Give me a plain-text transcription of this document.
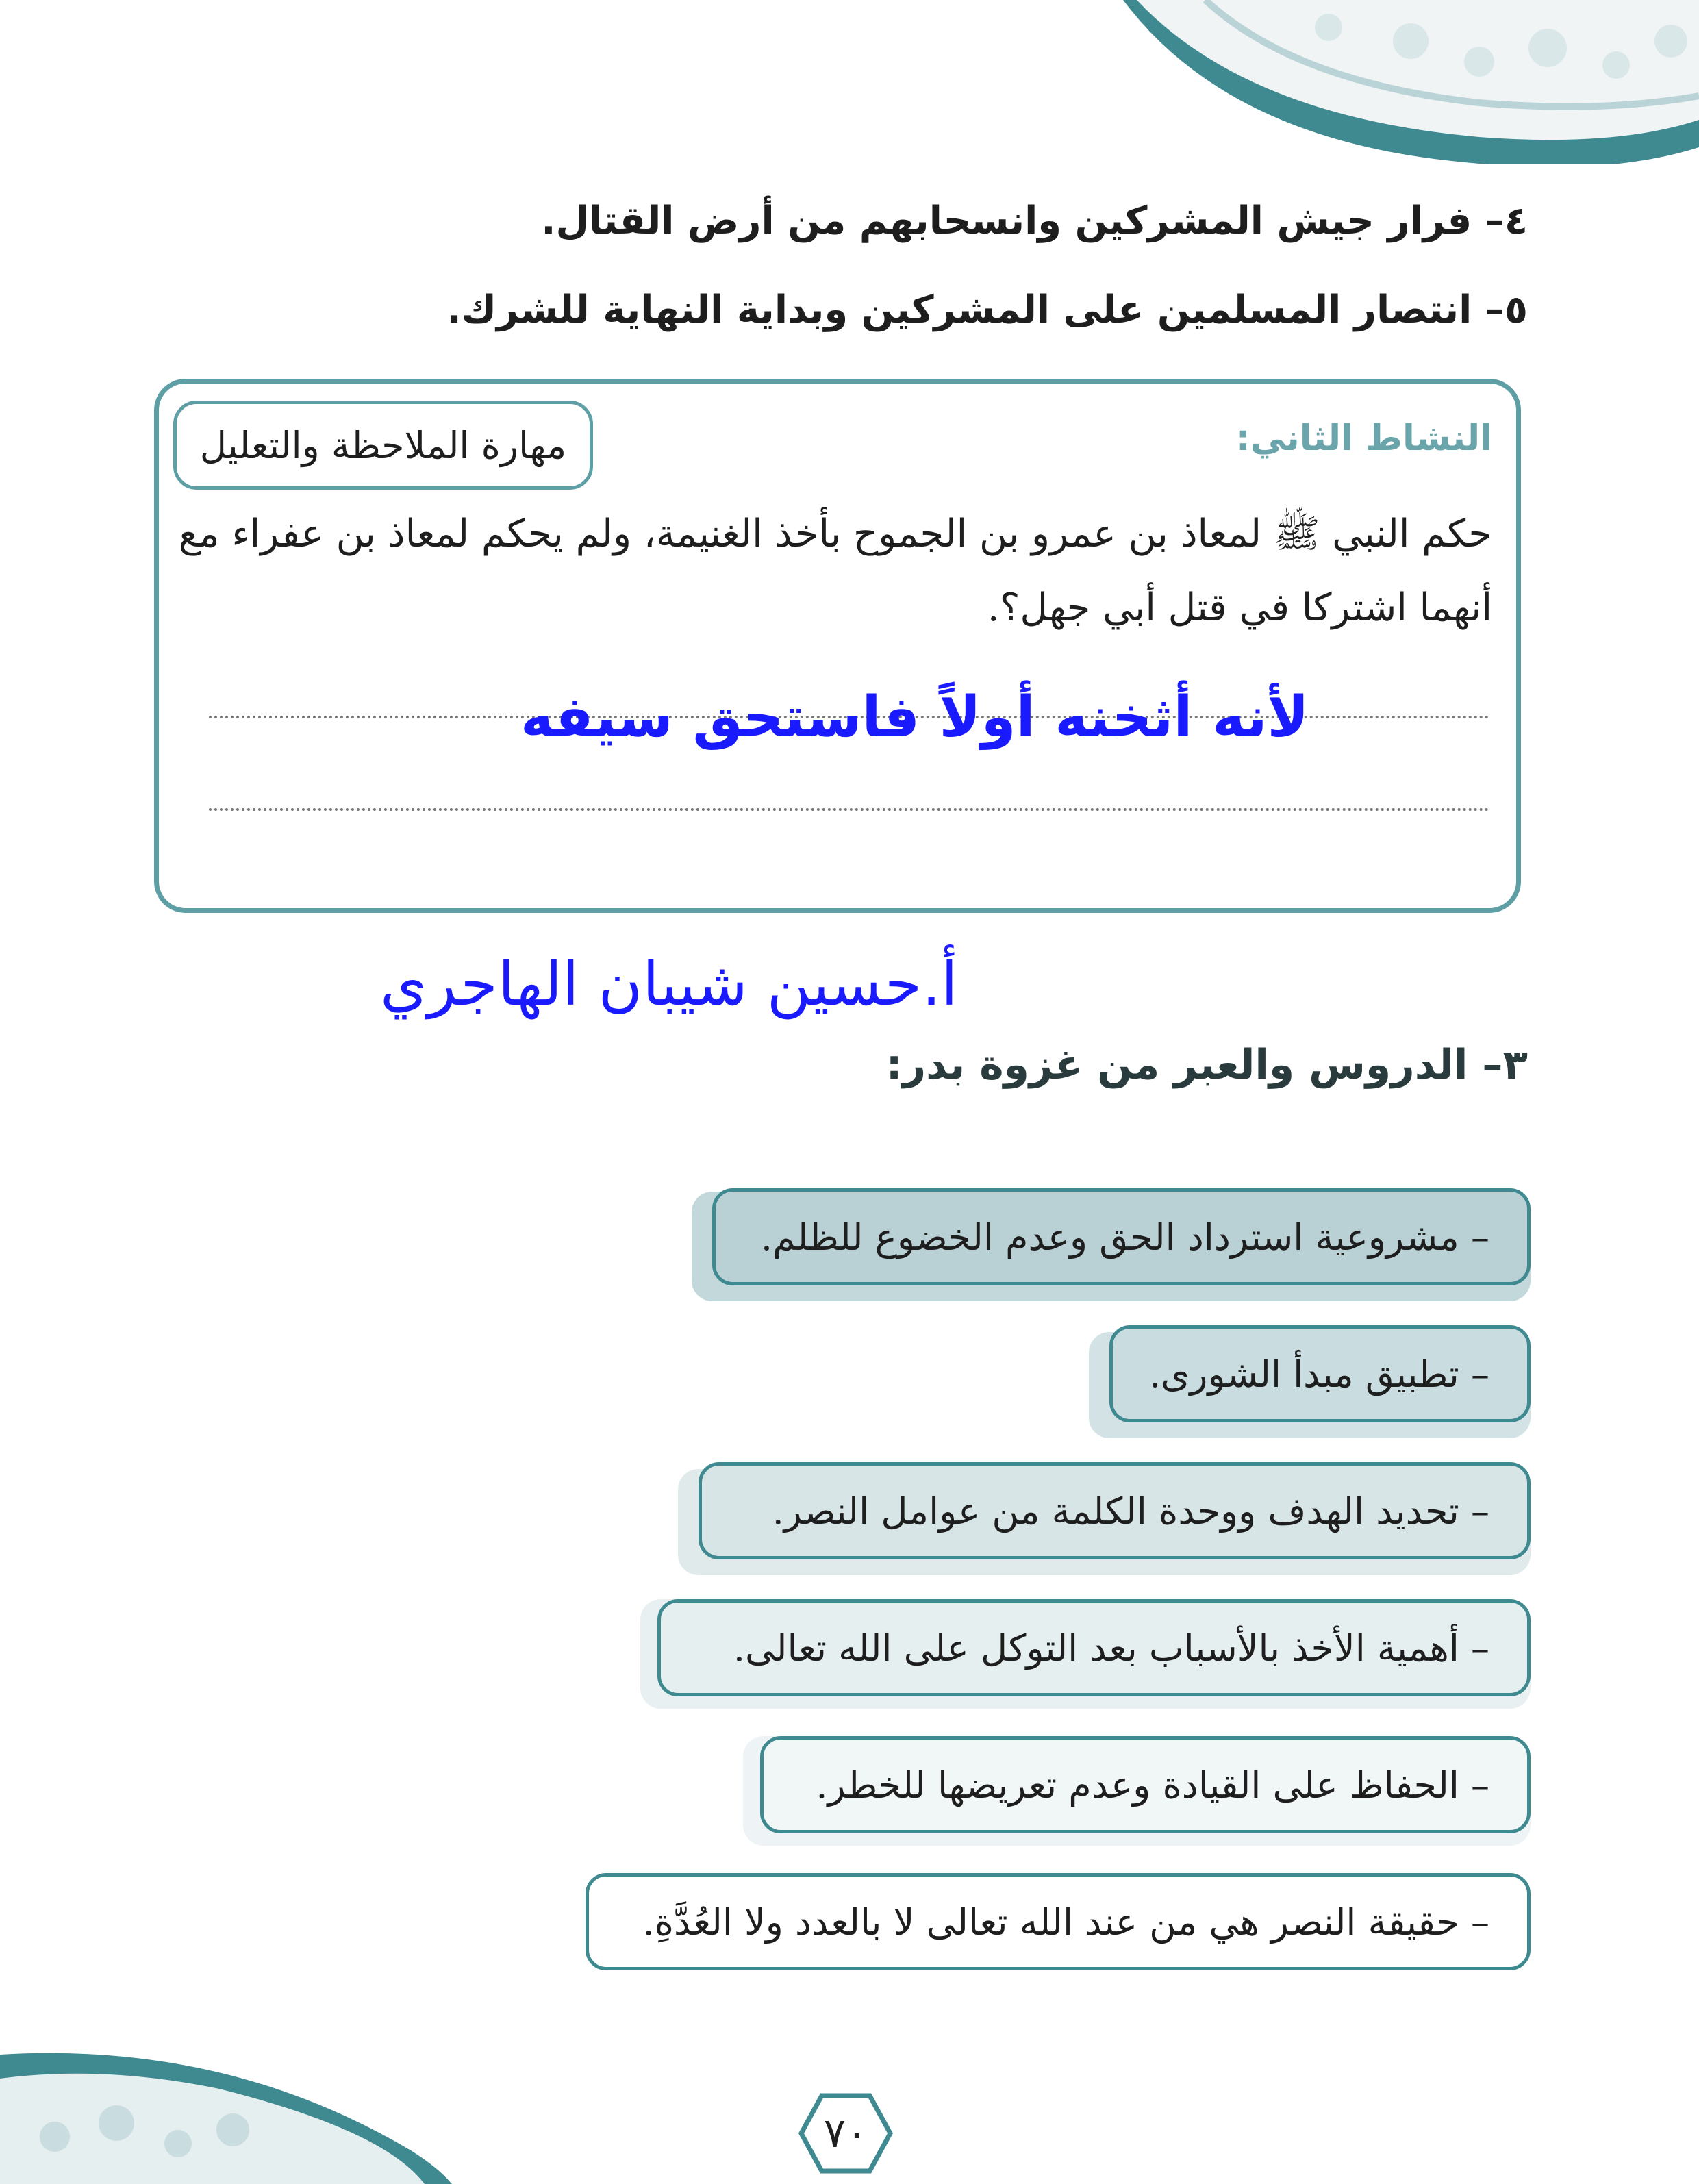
٤– فرار جيش المشركين وانسحابهم من أرض القتال.
٥– انتصار المسلمين على المشركين وبداية النهاية للشرك.
مهارة الملاحظة والتعليل	النشاط الثاني:
حكم النبي ﷺ لمعاذ بن عمرو بن الجموح بأخذ الغنيمة، ولم يحكم لمعاذ بن عفراء مع
أنهما اشتركا في قتل أبي جهل؟.
لأنه أثخنه أولاً فاستحق سيفه
أ.حسين شيبان الهاجري
٣– الدروس والعبر من غزوة بدر:
– مشروعية استرداد الحق وعدم الخضوع للظلم.
– تطبيق مبدأ الشورى.
– تحديد الهدف ووحدة الكلمة من عوامل النصر.
– أهمية الأخذ بالأسباب بعد التوكل على الله تعالى.
– الحفاظ على القيادة وعدم تعريضها للخطر.
– حقيقة النصر هي من عند الله تعالى لا بالعدد ولا العُدَّةِ.
٧٠
